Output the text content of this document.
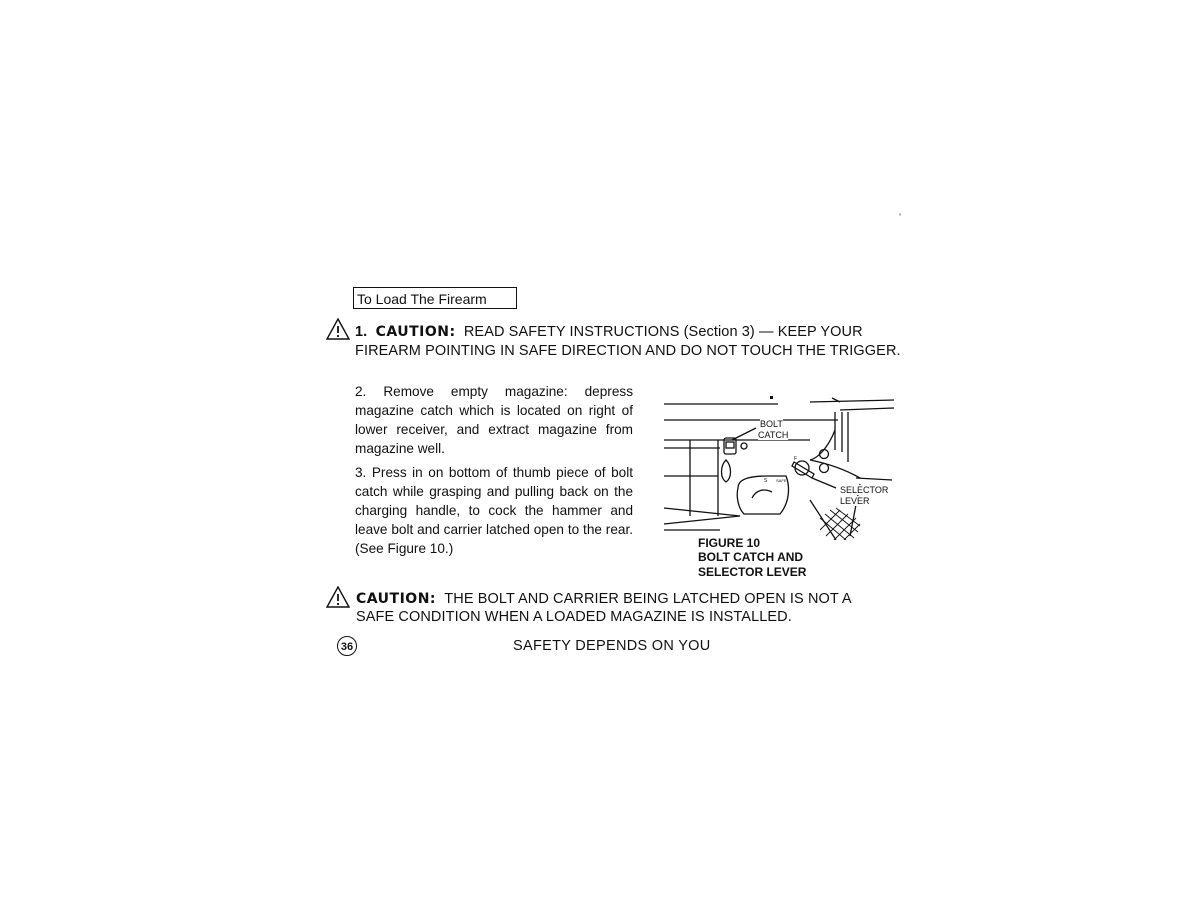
’
To Load The Firearm
1. CAUTION: READ SAFETY INSTRUCTIONS (Section 3) — KEEP YOUR
FIREARM POINTING IN SAFE DIRECTION AND DO NOT TOUCH THE TRIGGER.
2. Remove empty magazine: depress magazine catch which is located on right of lower receiver, and extract magazine from magazine well.
3. Press in on bottom of thumb piece of bolt catch while grasping and pulling back on the charging handle, to cock the hammer and leave bolt and carrier latched open to the rear. (See Figure 10.)
S SAFE
F
BOLT
CATCH
SELECTOR
LEVER
FIGURE 10
BOLT CATCH AND
SELECTOR LEVER
CAUTION: THE BOLT AND CARRIER BEING LATCHED OPEN IS NOT A
SAFE CONDITION WHEN A LOADED MAGAZINE IS INSTALLED.
36	SAFETY DEPENDS ON YOU
